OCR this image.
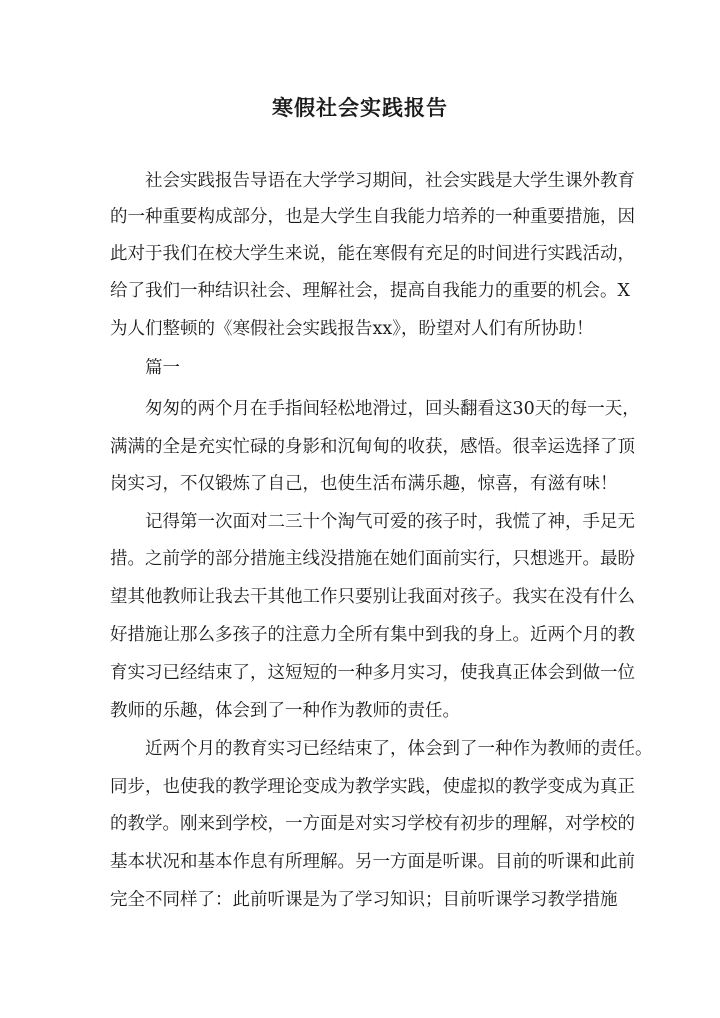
寒假社会实践报告
社会实践报告导语在大学学习期间，社会实践是大学生课外教育
的一种重要构成部分，也是大学生自我能力培养的一种重要措施，因
此对于我们在校大学生来说，能在寒假有充足的时间进行实践活动，
给了我们一种结识社会、理解社会，提高自我能力的重要的机会。X
为人们整顿的《寒假社会实践报告xx》，盼望对人们有所协助！
篇一
匆匆的两个月在手指间轻松地滑过，回头翻看这30天的每一天，
满满的全是充实忙碌的身影和沉甸甸的收获，感悟。很幸运选择了顶
岗实习，不仅锻炼了自己，也使生活布满乐趣，惊喜，有滋有味！
记得第一次面对二三十个淘气可爱的孩子时，我慌了神，手足无
措。之前学的部分措施主线没措施在她们面前实行，只想逃开。最盼
望其他教师让我去干其他工作只要别让我面对孩子。我实在没有什么
好措施让那么多孩子的注意力全所有集中到我的身上。近两个月的教
育实习已经结束了，这短短的一种多月实习，使我真正体会到做一位
教师的乐趣，体会到了一种作为教师的责任。
近两个月的教育实习已经结束了，体会到了一种作为教师的责任。
同步，也使我的教学理论变成为教学实践，使虚拟的教学变成为真正
的教学。刚来到学校，一方面是对实习学校有初步的理解，对学校的
基本状况和基本作息有所理解。另一方面是听课。目前的听课和此前
完全不同样了：此前听课是为了学习知识；目前听课学习教学措施
